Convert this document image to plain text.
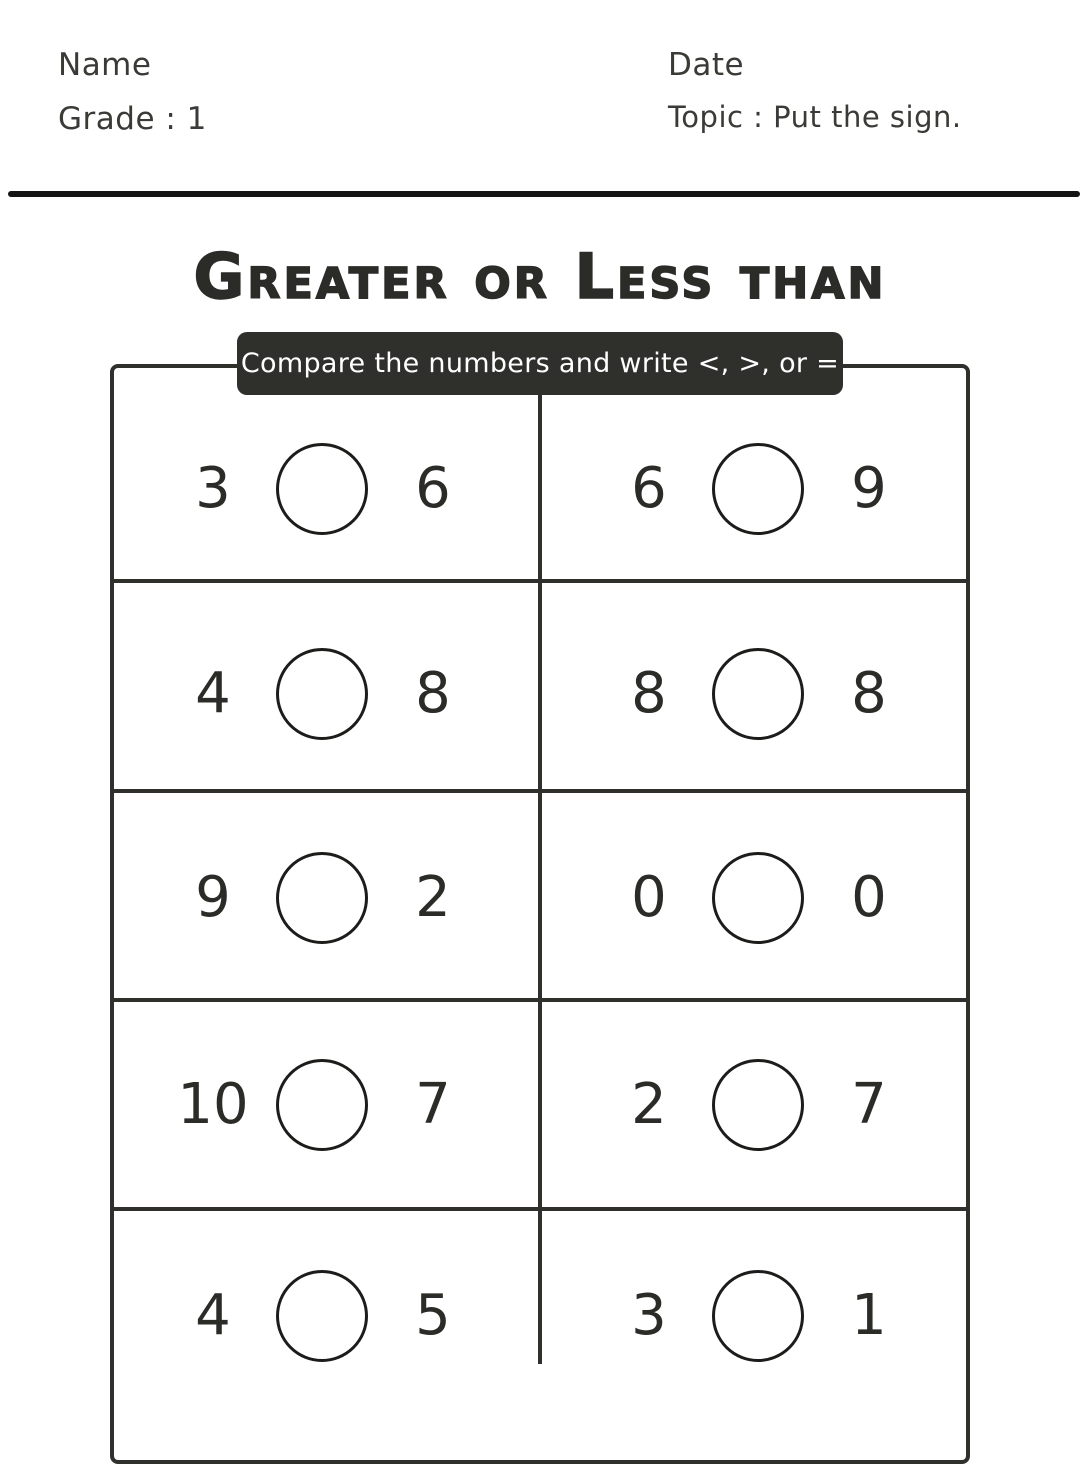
Name
Grade : 1
Date
Topic : Put the sign.
Greater or Less than
Compare the numbers and write <, >, or =
3	6	6	9
4	8	8	8
9	2	0	0
10	7	2	7
4	5	3	1
